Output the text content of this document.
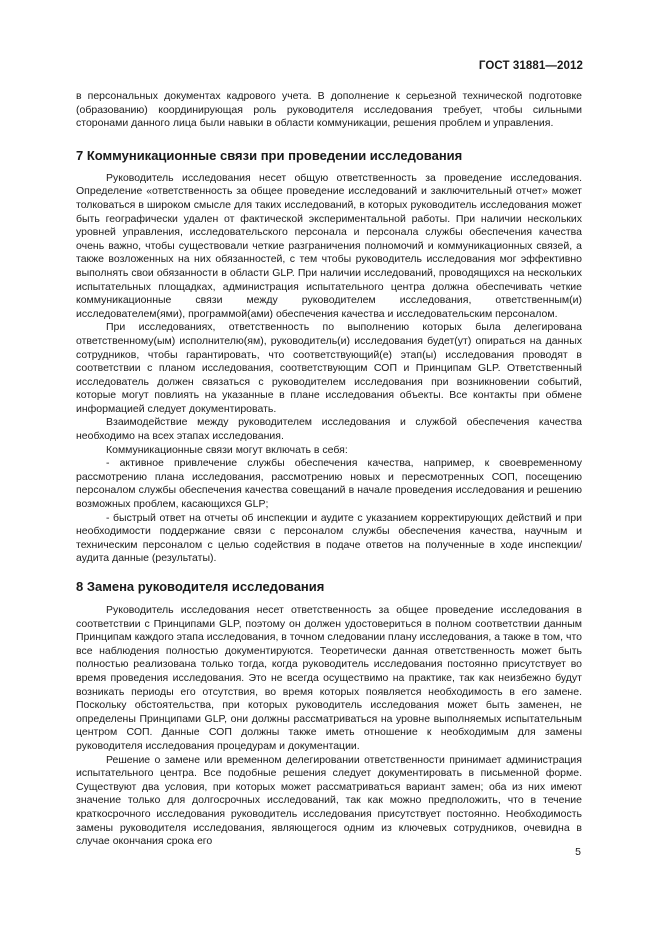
ГОСТ 31881—2012

в персональных документах кадрового учета. В дополнение к серьезной технической подготовке (образованию) координирующая роль руководителя исследования требует, чтобы сильными сторонами данного лица были навыки в области коммуникации, решения проблем и управления.

7 Коммуникационные связи при проведении исследования

Руководитель исследования несет общую ответственность за проведение исследования. Определение «ответственность за общее проведение исследований и заключительный отчет» может толковаться в широком смысле для таких исследований, в которых руководитель исследования может быть географически удален от фактической экспериментальной работы. При наличии нескольких уровней управления, исследовательского персонала и персонала службы обеспечения качества очень важно, чтобы существовали четкие разграничения полномочий и коммуникационных связей, а также возложенных на них обязанностей, с тем чтобы руководитель исследования мог эффективно выполнять свои обязанности в области GLP. При наличии исследований, проводящихся на нескольких испытательных площадках, администрация испытательного центра должна обеспечивать четкие коммуникационные связи между руководителем исследования, ответственным(и) исследователем(ями), программой(ами) обеспечения качества и исследовательским персоналом.

При исследованиях, ответственность по выполнению которых была делегирована ответственному(ым) исполнителю(ям), руководитель(и) исследования будет(ут) опираться на данных сотрудников, чтобы гарантировать, что соответствующий(е) этап(ы) исследования проводят в соответствии с планом исследования, соответствующим СОП и Принципам GLP. Ответственный исследователь должен связаться с руководителем исследования при возникновении событий, которые могут повлиять на указанные в плане исследования объекты. Все контакты при обмене информацией следует документировать.

Взаимодействие между руководителем исследования и службой обеспечения качества необходимо на всех этапах исследования.

Коммуникационные связи могут включать в себя:

- активное привлечение службы обеспечения качества, например, к своевременному рассмотрению плана исследования, рассмотрению новых и пересмотренных СОП, посещению персоналом службы обеспечения качества совещаний в начале проведения исследования и решению возможных проблем, касающихся GLP;

- быстрый ответ на отчеты об инспекции и аудите с указанием корректирующих действий и при необходимости поддержание связи с персоналом службы обеспечения качества, научным и техническим персоналом с целью содействия в подаче ответов на полученные в ходе инспекции/аудита данные (результаты).

8 Замена руководителя исследования

Руководитель исследования несет ответственность за общее проведение исследования в соответствии с Принципами GLP, поэтому он должен удостовериться в полном соответствии данным Принципам каждого этапа исследования, в точном следовании плану исследования, а также в том, что все наблюдения полностью документируются. Теоретически данная ответственность может быть полностью реализована только тогда, когда руководитель исследования постоянно присутствует во время проведения исследования. Это не всегда осуществимо на практике, так как неизбежно будут возникать периоды его отсутствия, во время которых появляется необходимость в его замене. Поскольку обстоятельства, при которых руководитель исследования может быть заменен, не определены Принципами GLP, они должны рассматриваться на уровне выполняемых испытательным центром СОП. Данные СОП должны также иметь отношение к необходимым для замены руководителя исследования процедурам и документации.

Решение о замене или временном делегировании ответственности принимает администрация испытательного центра. Все подобные решения следует документировать в письменной форме. Существуют два условия, при которых может рассматриваться вариант замен; оба из них имеют значение только для долгосрочных исследований, так как можно предположить, что в течение краткосрочного исследования руководитель исследования присутствует постоянно. Необходимость замены руководителя исследования, являющегося одним из ключевых сотрудников, очевидна в случае окончания срока его

5
